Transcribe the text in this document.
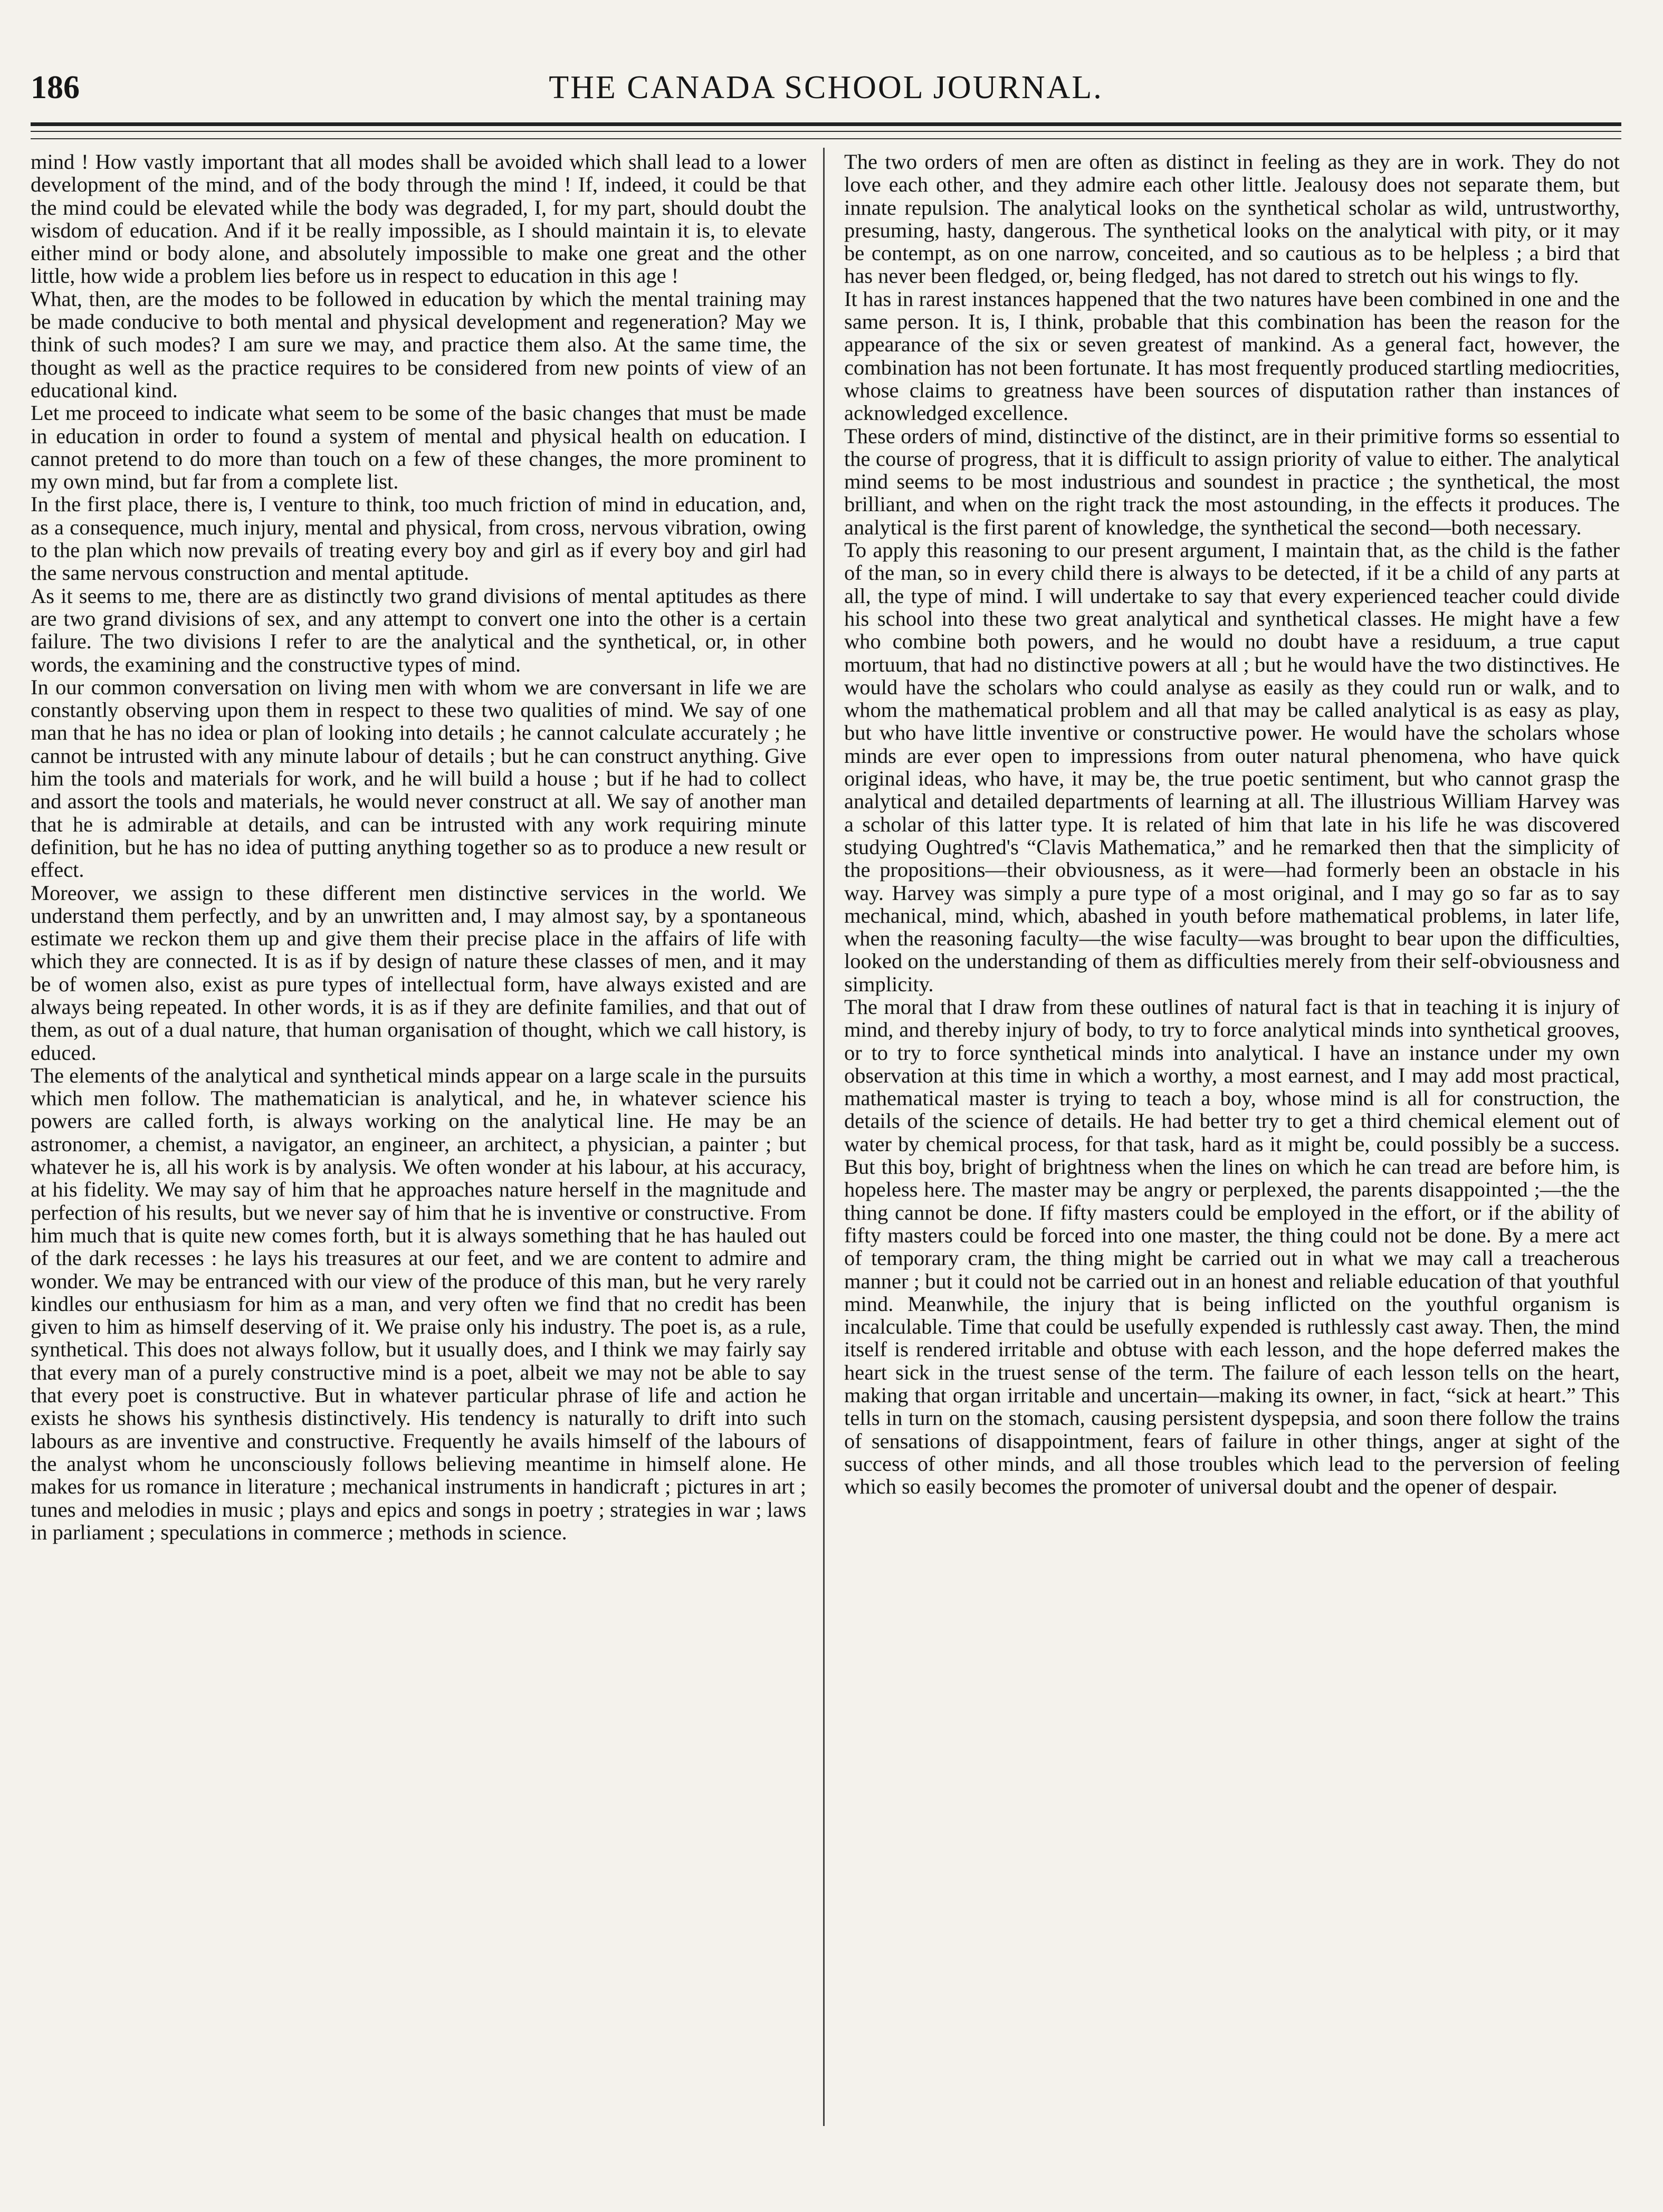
186	THE CANADA SCHOOL JOURNAL.

mind ! How vastly important that all modes shall be avoided which shall lead to a lower development of the mind, and of the body through the mind ! If, indeed, it could be that the mind could be elevated while the body was degraded, I, for my part, should doubt the wisdom of education. And if it be really impossible, as I should maintain it is, to elevate either mind or body alone, and absolutely impossible to make one great and the other little, how wide a problem lies before us in respect to education in this age !

What, then, are the modes to be followed in education by which the mental training may be made conducive to both mental and physical development and regeneration? May we think of such modes? I am sure we may, and practice them also. At the same time, the thought as well as the practice requires to be considered from new points of view of an educational kind.

Let me proceed to indicate what seem to be some of the basic changes that must be made in education in order to found a system of mental and physical health on education. I cannot pretend to do more than touch on a few of these changes, the more prominent to my own mind, but far from a complete list.

In the first place, there is, I venture to think, too much friction of mind in education, and, as a consequence, much injury, mental and physical, from cross, nervous vibration, owing to the plan which now prevails of treating every boy and girl as if every boy and girl had the same nervous construction and mental aptitude.

As it seems to me, there are as distinctly two grand divisions of mental aptitudes as there are two grand divisions of sex, and any attempt to convert one into the other is a certain failure. The two divisions I refer to are the analytical and the synthetical, or, in other words, the examining and the constructive types of mind.

In our common conversation on living men with whom we are conversant in life we are constantly observing upon them in respect to these two qualities of mind. We say of one man that he has no idea or plan of looking into details ; he cannot calculate accurately ; he cannot be intrusted with any minute labour of details ; but he can construct anything. Give him the tools and materials for work, and he will build a house ; but if he had to collect and assort the tools and materials, he would never construct at all. We say of another man that he is admirable at details, and can be intrusted with any work requiring minute definition, but he has no idea of putting anything together so as to produce a new result or effect.

Moreover, we assign to these different men distinctive services in the world. We understand them perfectly, and by an unwritten and, I may almost say, by a spontaneous estimate we reckon them up and give them their precise place in the affairs of life with which they are connected. It is as if by design of nature these classes of men, and it may be of women also, exist as pure types of intellectual form, have always existed and are always being repeated. In other words, it is as if they are definite families, and that out of them, as out of a dual nature, that human organisation of thought, which we call history, is educed.

The elements of the analytical and synthetical minds appear on a large scale in the pursuits which men follow. The mathematician is analytical, and he, in whatever science his powers are called forth, is always working on the analytical line. He may be an astronomer, a chemist, a navigator, an engineer, an architect, a physician, a painter ; but whatever he is, all his work is by analysis. We often wonder at his labour, at his accuracy, at his fidelity. We may say of him that he approaches nature herself in the magnitude and perfection of his results, but we never say of him that he is inventive or constructive. From him much that is quite new comes forth, but it is always something that he has hauled out of the dark recesses : he lays his treasures at our feet, and we are content to admire and wonder. We may be entranced with our view of the produce of this man, but he very rarely kindles our enthusiasm for him as a man, and very often we find that no credit has been given to him as himself deserving of it. We praise only his industry. The poet is, as a rule, synthetical. This does not always follow, but it usually does, and I think we may fairly say that every man of a purely constructive mind is a poet, albeit we may not be able to say that every poet is constructive. But in whatever particular phrase of life and action he exists he shows his synthesis distinctively. His tendency is naturally to drift into such labours as are inventive and constructive. Frequently he avails himself of the labours of the analyst whom he unconsciously follows believing meantime in himself alone. He makes for us romance in literature ; mechanical instruments in handicraft ; pictures in art ; tunes and melodies in music ; plays and epics and songs in poetry ; strategies in war ; laws in parliament ; speculations in commerce ; methods in science.

The two orders of men are often as distinct in feeling as they are in work. They do not love each other, and they admire each other little. Jealousy does not separate them, but innate repulsion. The analytical looks on the synthetical scholar as wild, untrustworthy, presuming, hasty, dangerous. The synthetical looks on the analytical with pity, or it may be contempt, as on one narrow, conceited, and so cautious as to be helpless ; a bird that has never been fledged, or, being fledged, has not dared to stretch out his wings to fly.

It has in rarest instances happened that the two natures have been combined in one and the same person. It is, I think, probable that this combination has been the reason for the appearance of the six or seven greatest of mankind. As a general fact, however, the combination has not been fortunate. It has most frequently produced startling mediocrities, whose claims to greatness have been sources of disputation rather than instances of acknowledged excellence.

These orders of mind, distinctive of the distinct, are in their primitive forms so essential to the course of progress, that it is difficult to assign priority of value to either. The analytical mind seems to be most industrious and soundest in practice ; the synthetical, the most brilliant, and when on the right track the most astounding, in the effects it produces. The analytical is the first parent of knowledge, the synthetical the second—both necessary.

To apply this reasoning to our present argument, I maintain that, as the child is the father of the man, so in every child there is always to be detected, if it be a child of any parts at all, the type of mind. I will undertake to say that every experienced teacher could divide his school into these two great analytical and synthetical classes. He might have a few who combine both powers, and he would no doubt have a residuum, a true caput mortuum, that had no distinctive powers at all ; but he would have the two distinctives. He would have the scholars who could analyse as easily as they could run or walk, and to whom the mathematical problem and all that may be called analytical is as easy as play, but who have little inventive or constructive power. He would have the scholars whose minds are ever open to impressions from outer natural phenomena, who have quick original ideas, who have, it may be, the true poetic sentiment, but who cannot grasp the analytical and detailed departments of learning at all. The illustrious William Harvey was a scholar of this latter type. It is related of him that late in his life he was discovered studying Oughtred's “Clavis Mathematica,” and he remarked then that the simplicity of the propositions—their obviousness, as it were—had formerly been an obstacle in his way. Harvey was simply a pure type of a most original, and I may go so far as to say mechanical, mind, which, abashed in youth before mathematical problems, in later life, when the reasoning faculty—the wise faculty—was brought to bear upon the difficulties, looked on the understanding of them as difficulties merely from their self-obviousness and simplicity.

The moral that I draw from these outlines of natural fact is that in teaching it is injury of mind, and thereby injury of body, to try to force analytical minds into synthetical grooves, or to try to force synthetical minds into analytical. I have an instance under my own observation at this time in which a worthy, a most earnest, and I may add most practical, mathematical master is trying to teach a boy, whose mind is all for construction, the details of the science of details. He had better try to get a third chemical element out of water by chemical process, for that task, hard as it might be, could possibly be a success. But this boy, bright of brightness when the lines on which he can tread are before him, is hopeless here. The master may be angry or perplexed, the parents disappointed ;—the the thing cannot be done. If fifty masters could be employed in the effort, or if the ability of fifty masters could be forced into one master, the thing could not be done. By a mere act of temporary cram, the thing might be carried out in what we may call a treacherous manner ; but it could not be carried out in an honest and reliable education of that youthful mind. Meanwhile, the injury that is being inflicted on the youthful organism is incalculable. Time that could be usefully expended is ruthlessly cast away. Then, the mind itself is rendered irritable and obtuse with each lesson, and the hope deferred makes the heart sick in the truest sense of the term. The failure of each lesson tells on the heart, making that organ irritable and uncertain—making its owner, in fact, “sick at heart.” This tells in turn on the stomach, causing persistent dyspepsia, and soon there follow the trains of sensations of disappointment, fears of failure in other things, anger at sight of the success of other minds, and all those troubles which lead to the perversion of feeling which so easily becomes the promoter of universal doubt and the opener of despair.
